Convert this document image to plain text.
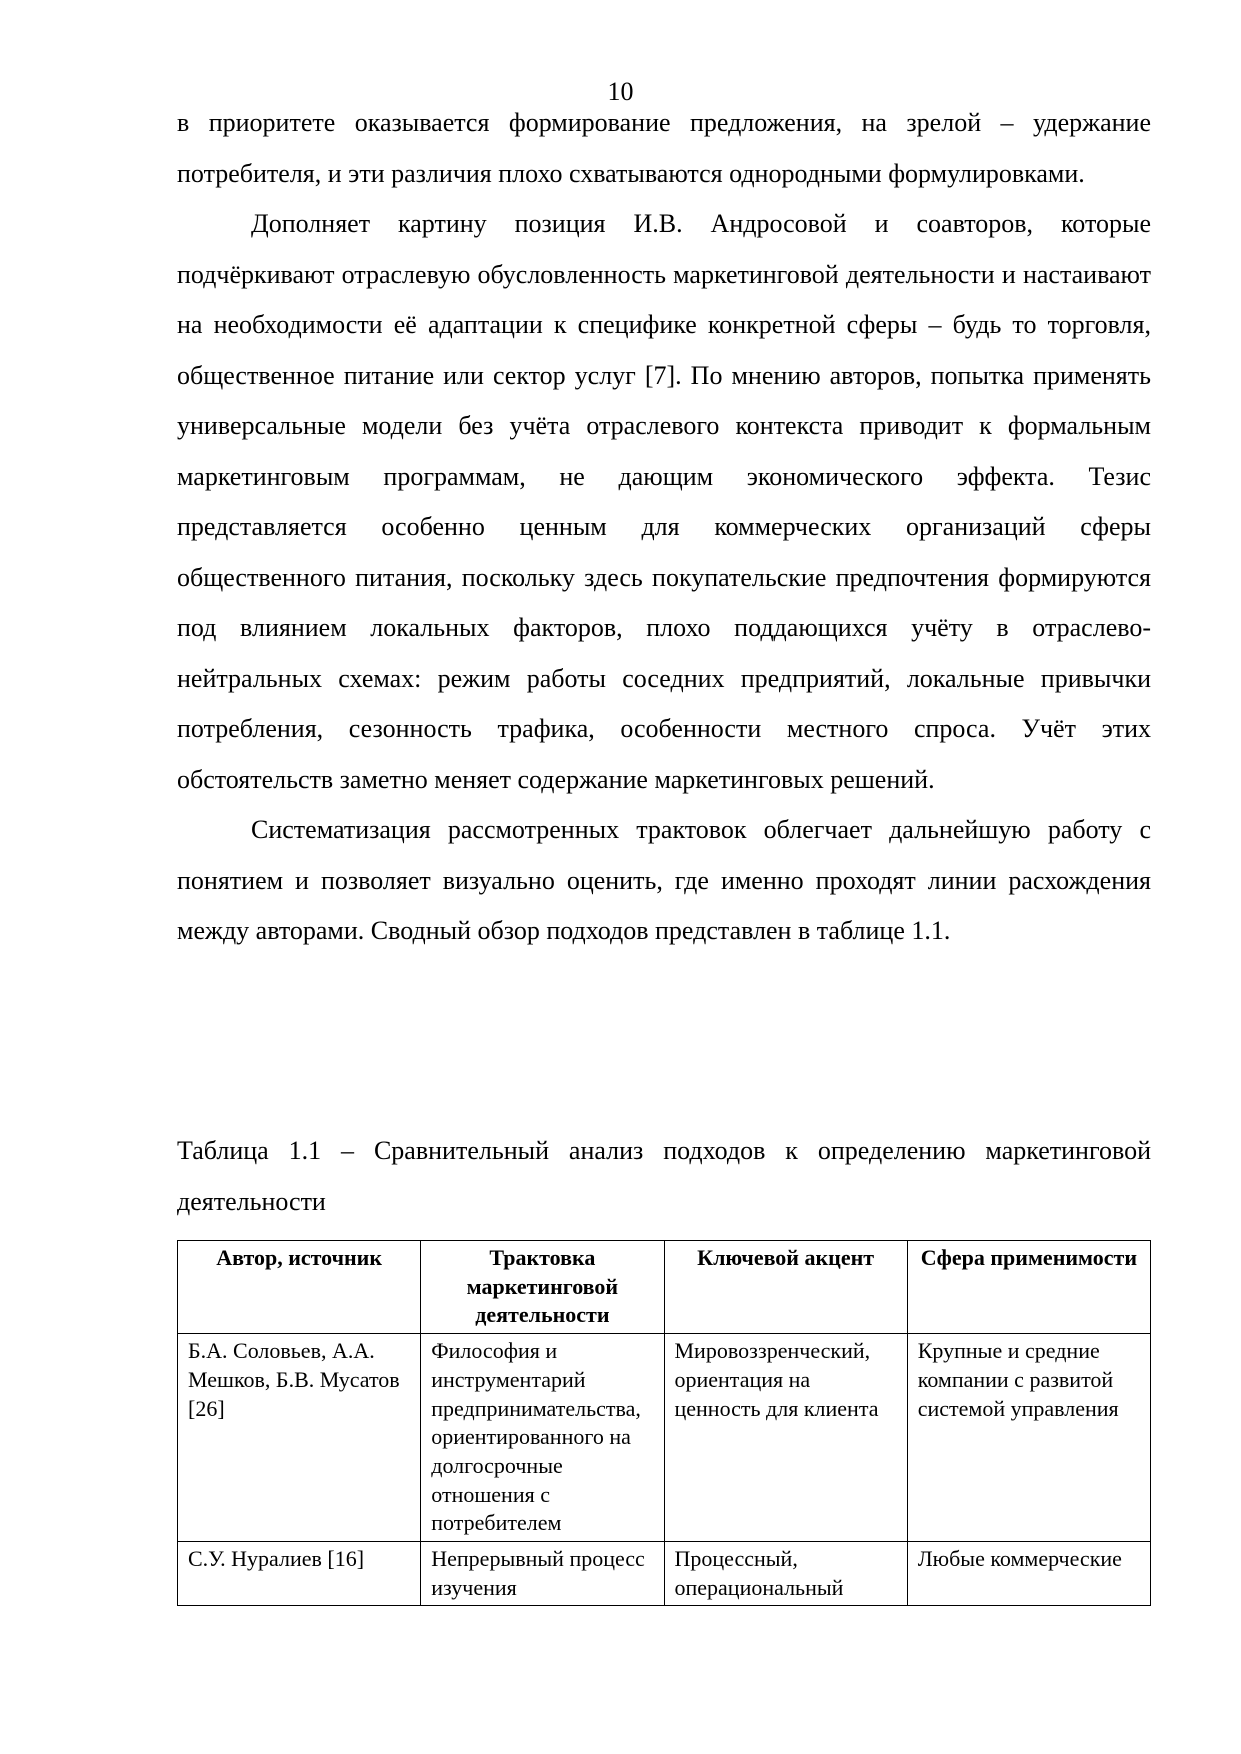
10

в приоритете оказывается формирование предложения, на зрелой – удержание потребителя, и эти различия плохо схватываются однородными формулировками.

Дополняет картину позиция И.В. Андросовой и соавторов, которые подчёркивают отраслевую обусловленность маркетинговой деятельности и настаивают на необходимости её адаптации к специфике конкретной сферы – будь то торговля, общественное питание или сектор услуг [7]. По мнению авторов, попытка применять универсальные модели без учёта отраслевого контекста приводит к формальным маркетинговым программам, не дающим экономического эффекта. Тезис представляется особенно ценным для коммерческих организаций сферы общественного питания, поскольку здесь покупательские предпочтения формируются под влиянием локальных факторов, плохо поддающихся учёту в отраслево-нейтральных схемах: режим работы соседних предприятий, локальные привычки потребления, сезонность трафика, особенности местного спроса. Учёт этих обстоятельств заметно меняет содержание маркетинговых решений.

Систематизация рассмотренных трактовок облегчает дальнейшую работу с понятием и позволяет визуально оценить, где именно проходят линии расхождения между авторами. Сводный обзор подходов представлен в таблице 1.1.

Таблица 1.1 – Сравнительный анализ подходов к определению маркетинговой деятельности

Автор, источник	Трактовка маркетинговой деятельности	Ключевой акцент	Сфера применимости
Б.А. Соловьев, А.А. Мешков, Б.В. Мусатов [26]	Философия и инструментарий предпринимательства, ориентированного на долгосрочные отношения с потребителем	Мировоззренческий, ориентация на ценность для клиента	Крупные и средние компании с развитой системой управления
С.У. Нуралиев [16]	Непрерывный процесс изучения	Процессный, операциональный	Любые коммерческие
